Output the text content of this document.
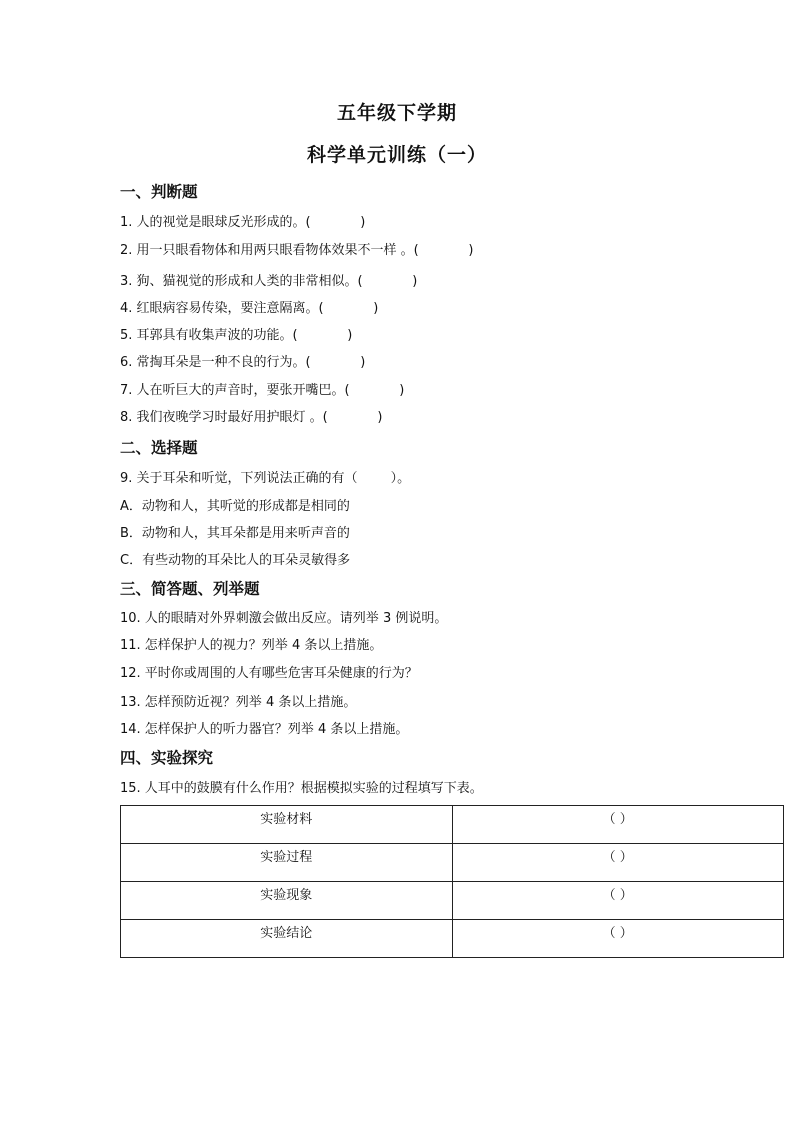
五年级下学期
科学单元训练（一）
一、判断题
1. 人的视觉是眼球反光形成的。(            )
2. 用一只眼看物体和用两只眼看物体效果不一样 。(            )
3. 狗、猫视觉的形成和人类的非常相似。(            )
4. 红眼病容易传染，要注意隔离。(            )
5. 耳郭具有收集声波的功能。(            )
6. 常掏耳朵是一种不良的行为。(            )
7. 人在听巨大的声音时，要张开嘴巴。(            )
8. 我们夜晚学习时最好用护眼灯 。(            )
二、选择题
9. 关于耳朵和听觉，下列说法正确的有（        ）。
A．动物和人，其听觉的形成都是相同的
B．动物和人，其耳朵都是用来听声音的
C．有些动物的耳朵比人的耳朵灵敏得多
三、简答题、列举题
10. 人的眼睛对外界刺激会做出反应。请列举 3 例说明。
11. 怎样保护人的视力？列举 4 条以上措施。
12. 平时你或周围的人有哪些危害耳朵健康的行为？
13. 怎样预防近视？列举 4 条以上措施。
14. 怎样保护人的听力器官？列举 4 条以上措施。
四、实验探究
15. 人耳中的鼓膜有什么作用？根据模拟实验的过程填写下表。
实验材料	（ ）
实验过程	（ ）
实验现象	（ ）
实验结论	（ ）
